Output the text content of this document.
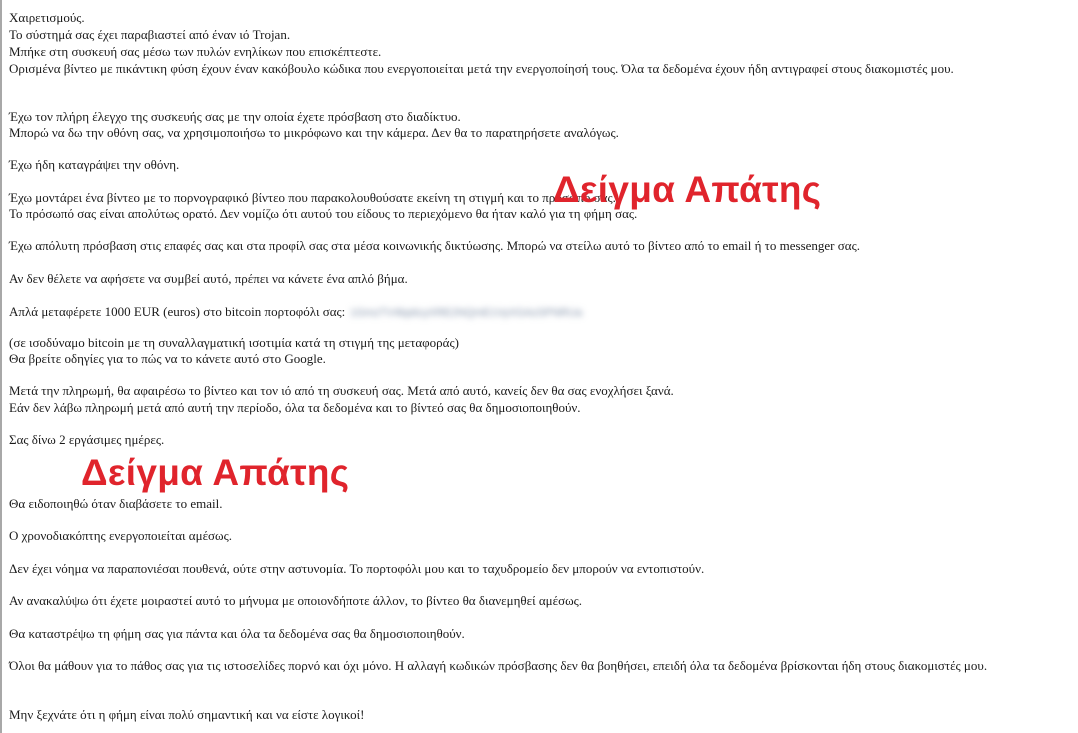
Χαιρετισμούς.
Το σύστημά σας έχει παραβιαστεί από έναν ιό Trojan.
Μπήκε στη συσκευή σας μέσω των πυλών ενηλίκων που επισκέπτεστε.
Ορισμένα βίντεο με πικάντικη φύση έχουν έναν κακόβουλο κώδικα που ενεργοποιείται μετά την ενεργοποίησή τους. Όλα τα δεδομένα έχουν ήδη αντιγραφεί στους διακομιστές μου.
Έχω τον πλήρη έλεγχο της συσκευής σας με την οποία έχετε πρόσβαση στο διαδίκτυο.
Μπορώ να δω την οθόνη σας, να χρησιμοποιήσω το μικρόφωνο και την κάμερα. Δεν θα το παρατηρήσετε αναλόγως.
Έχω ήδη καταγράψει την οθόνη.
Έχω μοντάρει ένα βίντεο με το πορνογραφικό βίντεο που παρακολουθούσατε εκείνη τη στιγμή και το πρόσωπό σας.
Το πρόσωπό σας είναι απολύτως ορατό. Δεν νομίζω ότι αυτού του είδους το περιεχόμενο θα ήταν καλό για τη φήμη σας.
Έχω απόλυτη πρόσβαση στις επαφές σας και στα προφίλ σας στα μέσα κοινωνικής δικτύωσης. Μπορώ να στείλω αυτό το βίντεο από το email ή το messenger σας.
Αν δεν θέλετε να αφήσετε να συμβεί αυτό, πρέπει να κάνετε ένα απλό βήμα.
Απλά μεταφέρετε 1000 EUR (euros) στο bitcoin πορτοφόλι σας: 1GmzTV4bpticyXRE2NQmE1VyXGAzSPNRUa
(σε ισοδύναμο bitcoin με τη συναλλαγματική ισοτιμία κατά τη στιγμή της μεταφοράς)
Θα βρείτε οδηγίες για το πώς να το κάνετε αυτό στο Google.
Μετά την πληρωμή, θα αφαιρέσω το βίντεο και τον ιό από τη συσκευή σας. Μετά από αυτό, κανείς δεν θα σας ενοχλήσει ξανά.
Εάν δεν λάβω πληρωμή μετά από αυτή την περίοδο, όλα τα δεδομένα και το βίντεό σας θα δημοσιοποιηθούν.
Σας δίνω 2 εργάσιμες ημέρες.
Θα ειδοποιηθώ όταν διαβάσετε το email.
Ο χρονοδιακόπτης ενεργοποιείται αμέσως.
Δεν έχει νόημα να παραπονιέσαι πουθενά, ούτε στην αστυνομία. Το πορτοφόλι μου και το ταχυδρομείο δεν μπορούν να εντοπιστούν.
Αν ανακαλύψω ότι έχετε μοιραστεί αυτό το μήνυμα με οποιονδήποτε άλλον, το βίντεο θα διανεμηθεί αμέσως.
Θα καταστρέψω τη φήμη σας για πάντα και όλα τα δεδομένα σας θα δημοσιοποιηθούν.
Όλοι θα μάθουν για το πάθος σας για τις ιστοσελίδες πορνό και όχι μόνο. Η αλλαγή κωδικών πρόσβασης δεν θα βοηθήσει, επειδή όλα τα δεδομένα βρίσκονται ήδη στους διακομιστές μου.
Μην ξεχνάτε ότι η φήμη είναι πολύ σημαντική και να είστε λογικοί!
Δείγμα Απάτης
Δείγμα Απάτης
